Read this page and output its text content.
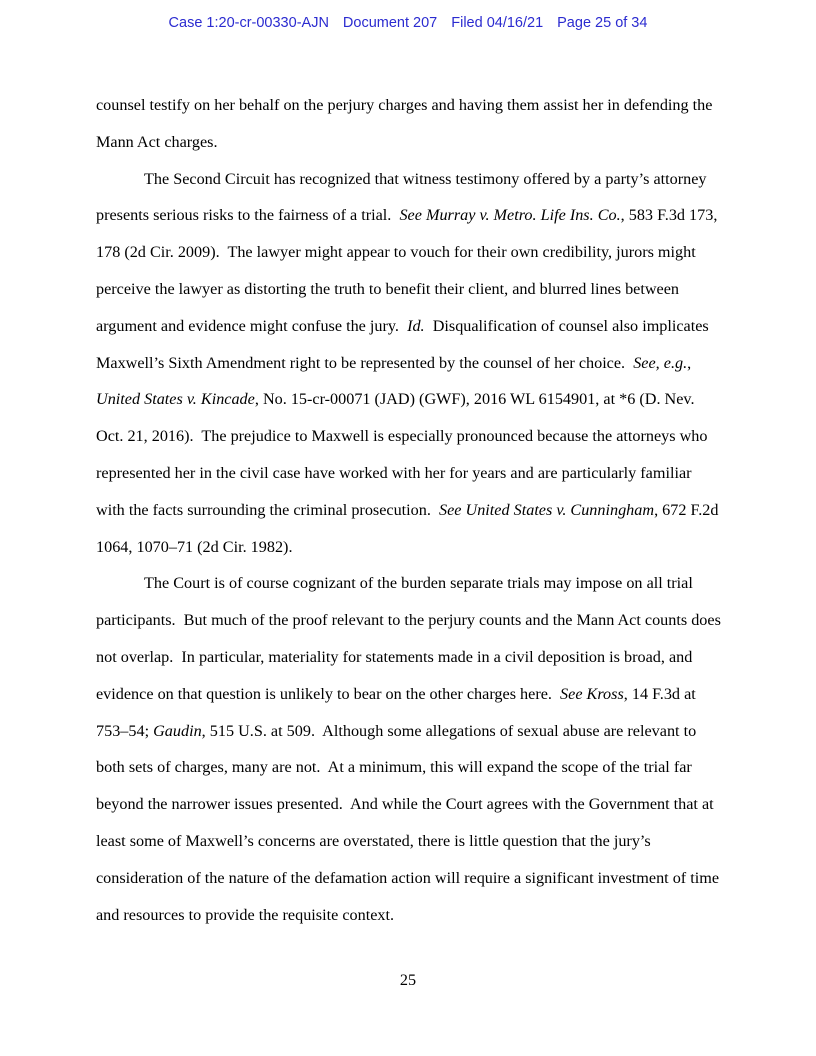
Case 1:20-cr-00330-AJN Document 207 Filed 04/16/21 Page 25 of 34

counsel testify on her behalf on the perjury charges and having them assist her in defending the Mann Act charges.

The Second Circuit has recognized that witness testimony offered by a party’s attorney presents serious risks to the fairness of a trial.  See Murray v. Metro. Life Ins. Co., 583 F.3d 173, 178 (2d Cir. 2009).  The lawyer might appear to vouch for their own credibility, jurors might perceive the lawyer as distorting the truth to benefit their client, and blurred lines between argument and evidence might confuse the jury.  Id.  Disqualification of counsel also implicates Maxwell’s Sixth Amendment right to be represented by the counsel of her choice.  See, e.g., United States v. Kincade, No. 15-cr-00071 (JAD) (GWF), 2016 WL 6154901, at *6 (D. Nev. Oct. 21, 2016).  The prejudice to Maxwell is especially pronounced because the attorneys who represented her in the civil case have worked with her for years and are particularly familiar with the facts surrounding the criminal prosecution.  See United States v. Cunningham, 672 F.2d 1064, 1070–71 (2d Cir. 1982).

The Court is of course cognizant of the burden separate trials may impose on all trial participants.  But much of the proof relevant to the perjury counts and the Mann Act counts does not overlap.  In particular, materiality for statements made in a civil deposition is broad, and evidence on that question is unlikely to bear on the other charges here.  See Kross, 14 F.3d at 753–54; Gaudin, 515 U.S. at 509.  Although some allegations of sexual abuse are relevant to both sets of charges, many are not.  At a minimum, this will expand the scope of the trial far beyond the narrower issues presented.  And while the Court agrees with the Government that at least some of Maxwell’s concerns are overstated, there is little question that the jury’s consideration of the nature of the defamation action will require a significant investment of time and resources to provide the requisite context.

25
